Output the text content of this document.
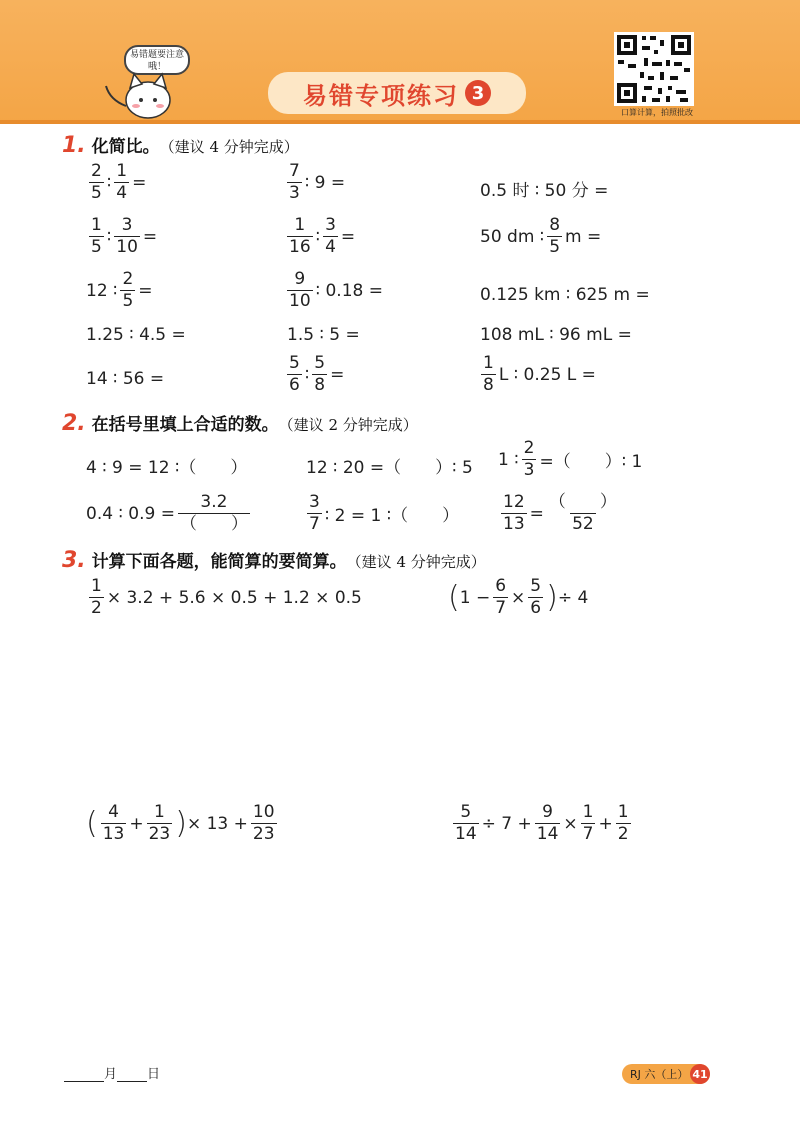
易错题要注意哦！
易错专项练习 3
口算计算，拍照批改
1. 化简比。 （建议 4 分钟完成）
$\frac{2}{5}$ ∶ $\frac{1}{4}$ =	$\frac{7}{3}$ ∶ 9 =	0.5 时 ∶ 50 分 =
$\frac{1}{5}$ ∶ $\frac{3}{10}$ =	$\frac{1}{16}$ ∶ $\frac{3}{4}$ =	50 dm ∶ $\frac{8}{5}$ m =
12 ∶ $\frac{2}{5}$ =	$\frac{9}{10}$ ∶ 0.18 =	0.125 km ∶ 625 m =
1.25 ∶ 4.5 =	1.5 ∶ 5 =	108 mL ∶ 96 mL =
14 ∶ 56 =	$\frac{5}{6}$ ∶ $\frac{5}{8}$ =	$\frac{1}{8}$ L ∶ 0.25 L =
2. 在括号里填上合适的数。 （建议 2 分钟完成）
4 ∶ 9 = 12 ∶（　　）	12 ∶ 20 =（　　）∶ 5 1 ∶ $\frac{2}{3}$ =（　　）∶ 1
0.4 ∶ $0.9 = \frac{3.2}{( )}$	$\frac{3}{7}$ ∶ 2 = 1 ∶（　　） $\frac{12}{13} = \frac{( )}{52}$
3. 计算下面各题，能简算的要简算。 （建议 4 分钟完成）
$\frac{1}{2} \times 3.2 + 5.6 \times 0.5 + 1.2 \times 0.5$	( $1 - \frac{6}{7} \times \frac{5}{6}$ ) ÷ 4
( $\frac{4}{13} + \frac{1}{23}$ ) × $13 + \frac{10}{23}$	$\frac{5}{14} \div 7 + \frac{9}{14} \times \frac{1}{7} + \frac{1}{2}$
月 日	RJ 六（上） 41
